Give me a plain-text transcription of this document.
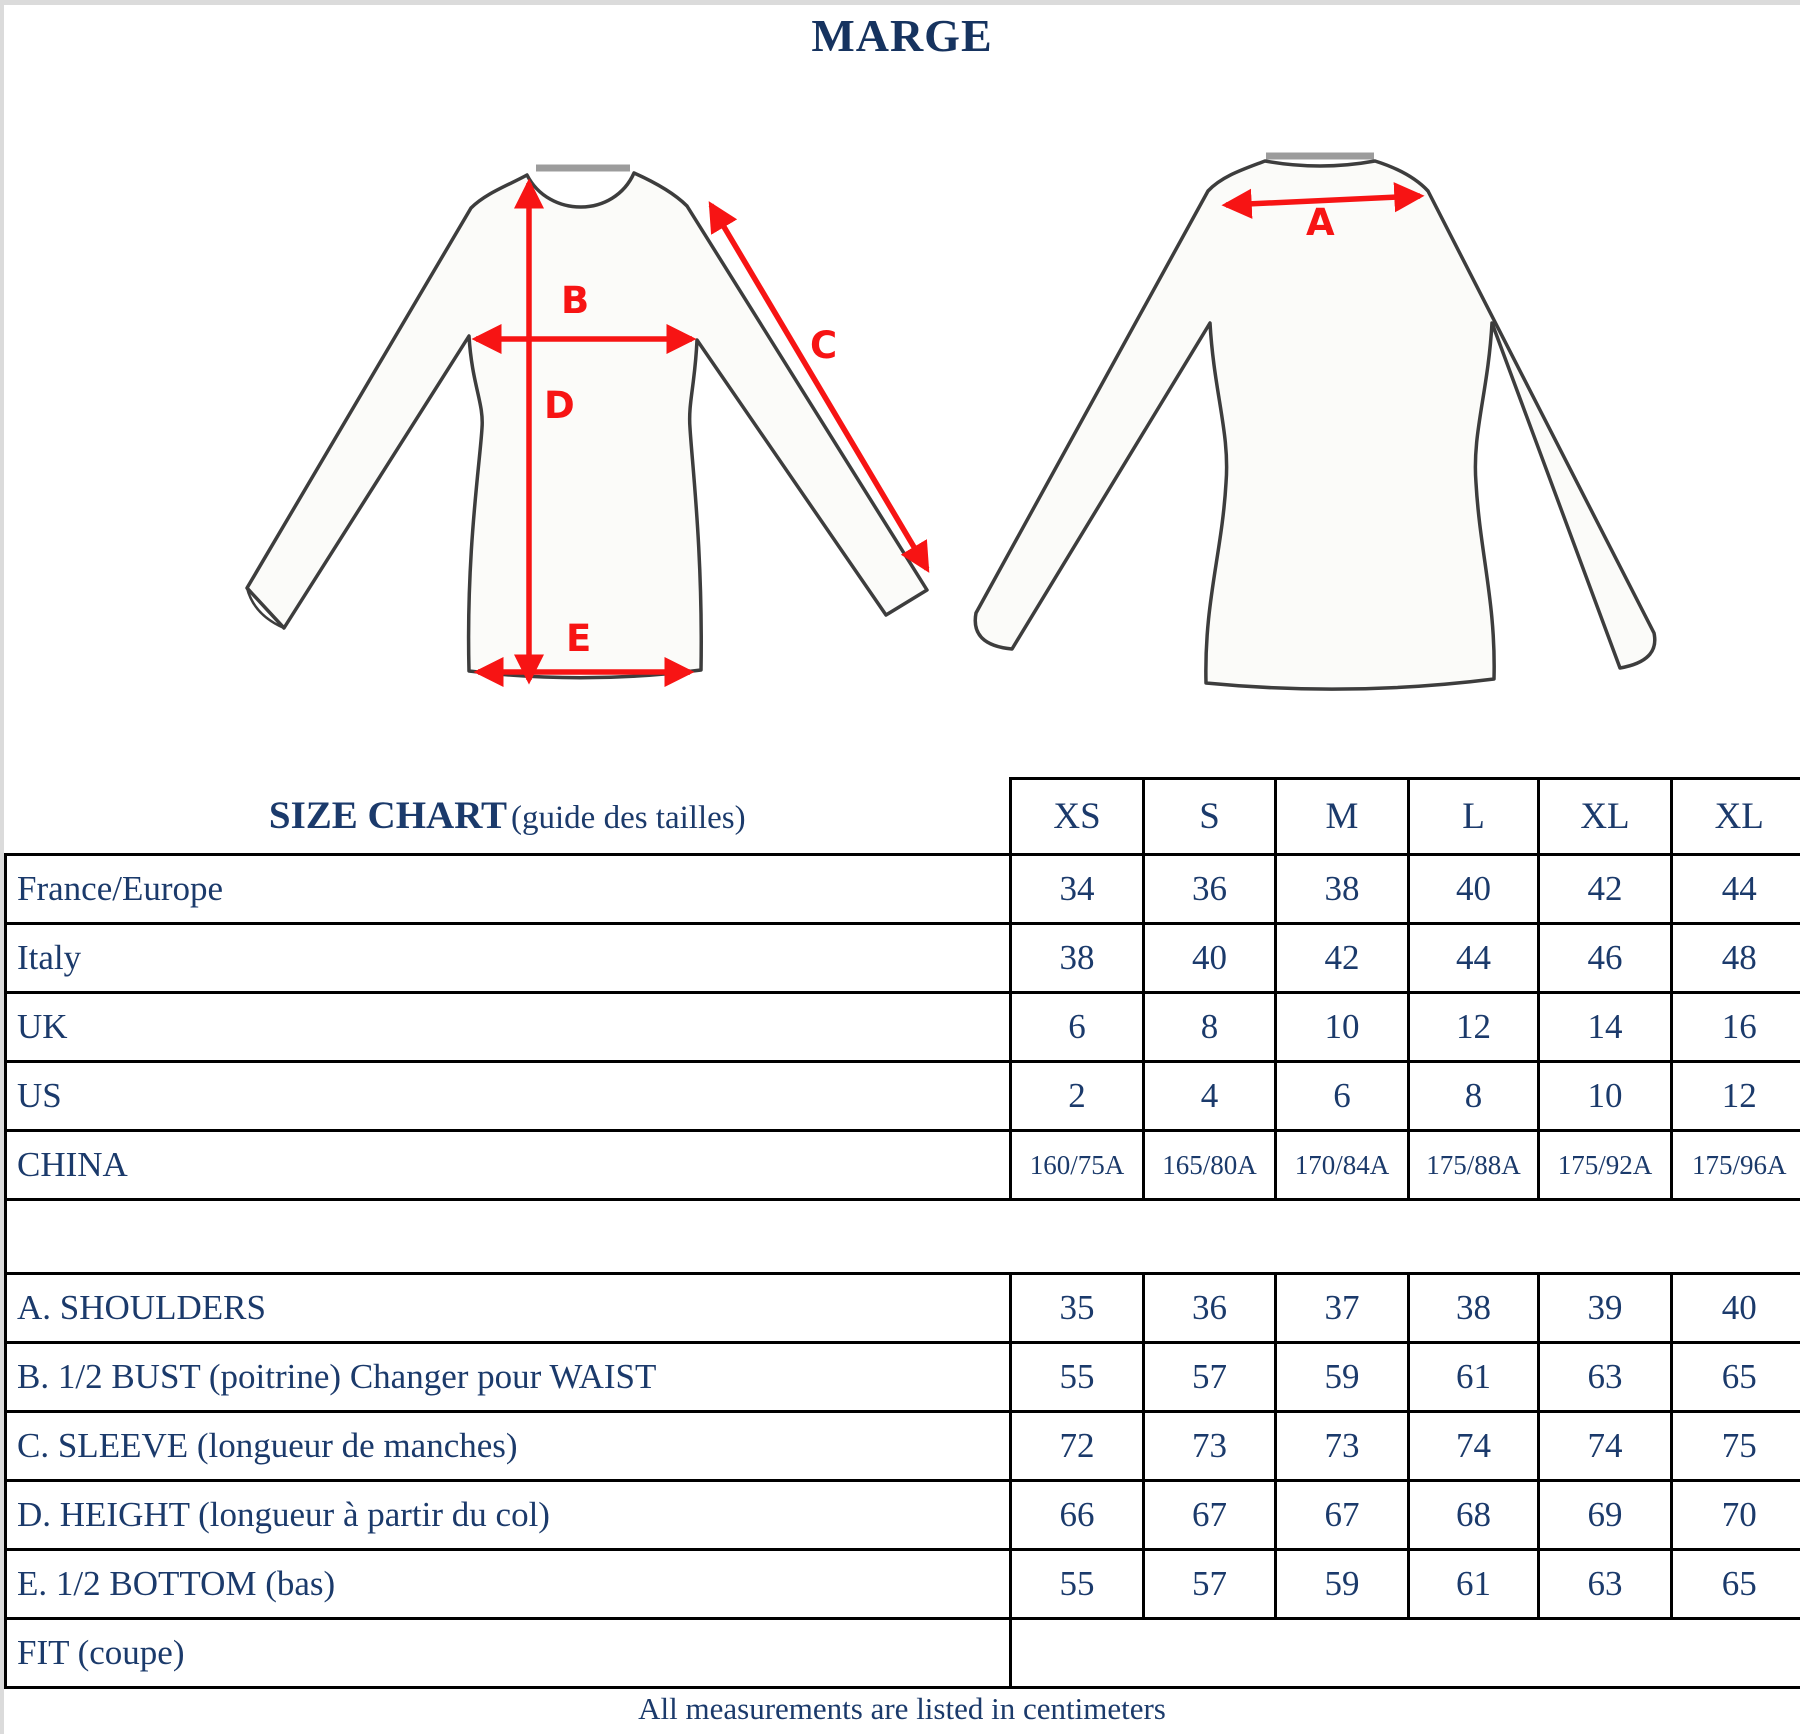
MARGE
B
D
C
E
A
SIZE CHART (guide des tailles)	XS	S	M	L	XL	XL
France/Europe	34	36	38	40	42	44
Italy	38	40	42	44	46	48
UK	6	8	10	12	14	16
US	2	4	6	8	10	12
CHINA	160/75A	165/80A	170/84A	175/88A	175/92A	175/96A

A. SHOULDERS	35	36	37	38	39	40
B. 1/2 BUST (poitrine) Changer pour WAIST	55	57	59	61	63	65
C. SLEEVE (longueur de manches)	72	73	73	74	74	75
D. HEIGHT (longueur à partir du col)	66	67	67	68	69	70
E. 1/2 BOTTOM (bas)	55	57	59	61	63	65
FIT (coupe)						
All measurements are listed in centimeters
